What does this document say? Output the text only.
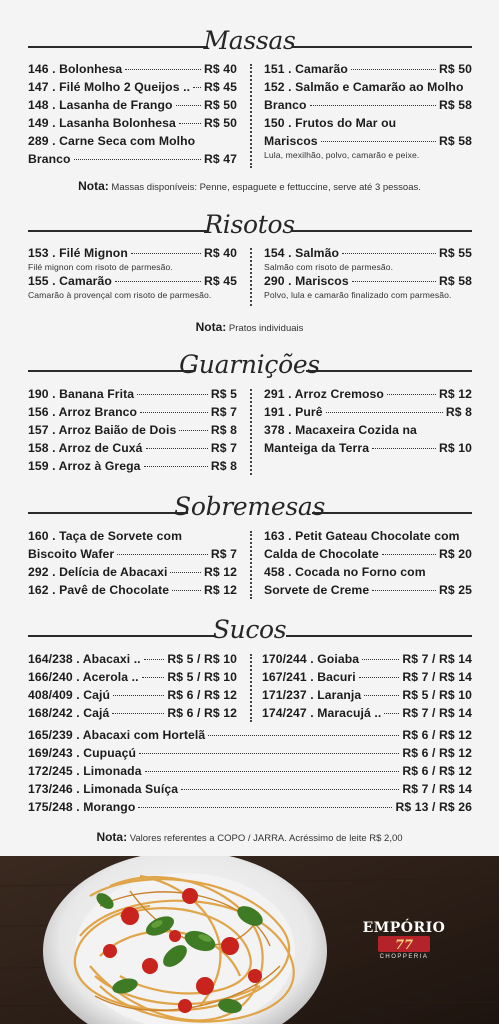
Massas
146 . Bolonhesa	R$ 40
147 . Filé Molho 2 Queijos .. R$ 45
148 . Lasanha de Frango	R$ 50
149 . Lasanha Bolonhesa R$ 50
289 . Carne Seca com Molho
Branco	R$ 47
151 . Camarão	R$ 50
152 . Salmão e Camarão ao Molho
Branco	R$ 58
150 . Frutos do Mar ou
Mariscos	R$ 58
Lula, mexilhão, polvo, camarão e peixe.
Nota: Massas disponíveis: Penne, espaguete e fettuccine, serve até 3 pessoas.
Risotos
153 . Filé Mignon	R$ 40
Filé mignon com risoto de parmesão.
155 . Camarão	R$ 45
Camarão à provençal com risoto de parmesão.
154 . Salmão	R$ 55
Salmão com risoto de parmesão.
290 . Mariscos	R$ 58
Polvo, lula e camarão finalizado com parmesão.
Nota: Pratos individuais
Guarnições
190 . Banana Frita	R$ 5
156 . Arroz Branco	R$ 7
157 . Arroz Baião de Dois	R$ 8
158 . Arroz de Cuxá	R$ 7
159 . Arroz à Grega	R$ 8
291 . Arroz Cremoso	R$ 12
191 . Purê	R$ 8
378 . Macaxeira Cozida na
Manteiga da Terra	R$ 10
Sobremesas
160 . Taça de Sorvete com
Biscoito Wafer	R$ 7
292 . Delícia de Abacaxi	R$ 12
162 . Pavê de Chocolate	R$ 12
163 . Petit Gateau Chocolate com
Calda de Chocolate	R$ 20
458 . Cocada no Forno com
Sorvete de Creme	R$ 25
Sucos
164/238 . Abacaxi .. R$ 5 / R$ 10
166/240 . Acerola .. R$ 5 / R$ 10
408/409 . Cajú	R$ 6 / R$ 12
168/242 . Cajá	R$ 6 / R$ 12
170/244 . Goiaba	R$ 7 / R$ 14
167/241 . Bacuri	R$ 7 / R$ 14
171/237 . Laranja	R$ 5 / R$ 10
174/247 . Maracujá .. R$ 7 / R$ 14
165/239 . Abacaxi com Hortelã	R$ 6 / R$ 12
169/243 . Cupuaçú	R$ 6 / R$ 12
172/245 . Limonada	R$ 6 / R$ 12
173/246 . Limonada Suíça	R$ 7 / R$ 14
175/248 . Morango	R$ 13 / R$ 26
Nota: Valores referentes a COPO / JARRA. Acréssimo de leite R$ 2,00
EMPÓRIO
77
CHOPPERIA
